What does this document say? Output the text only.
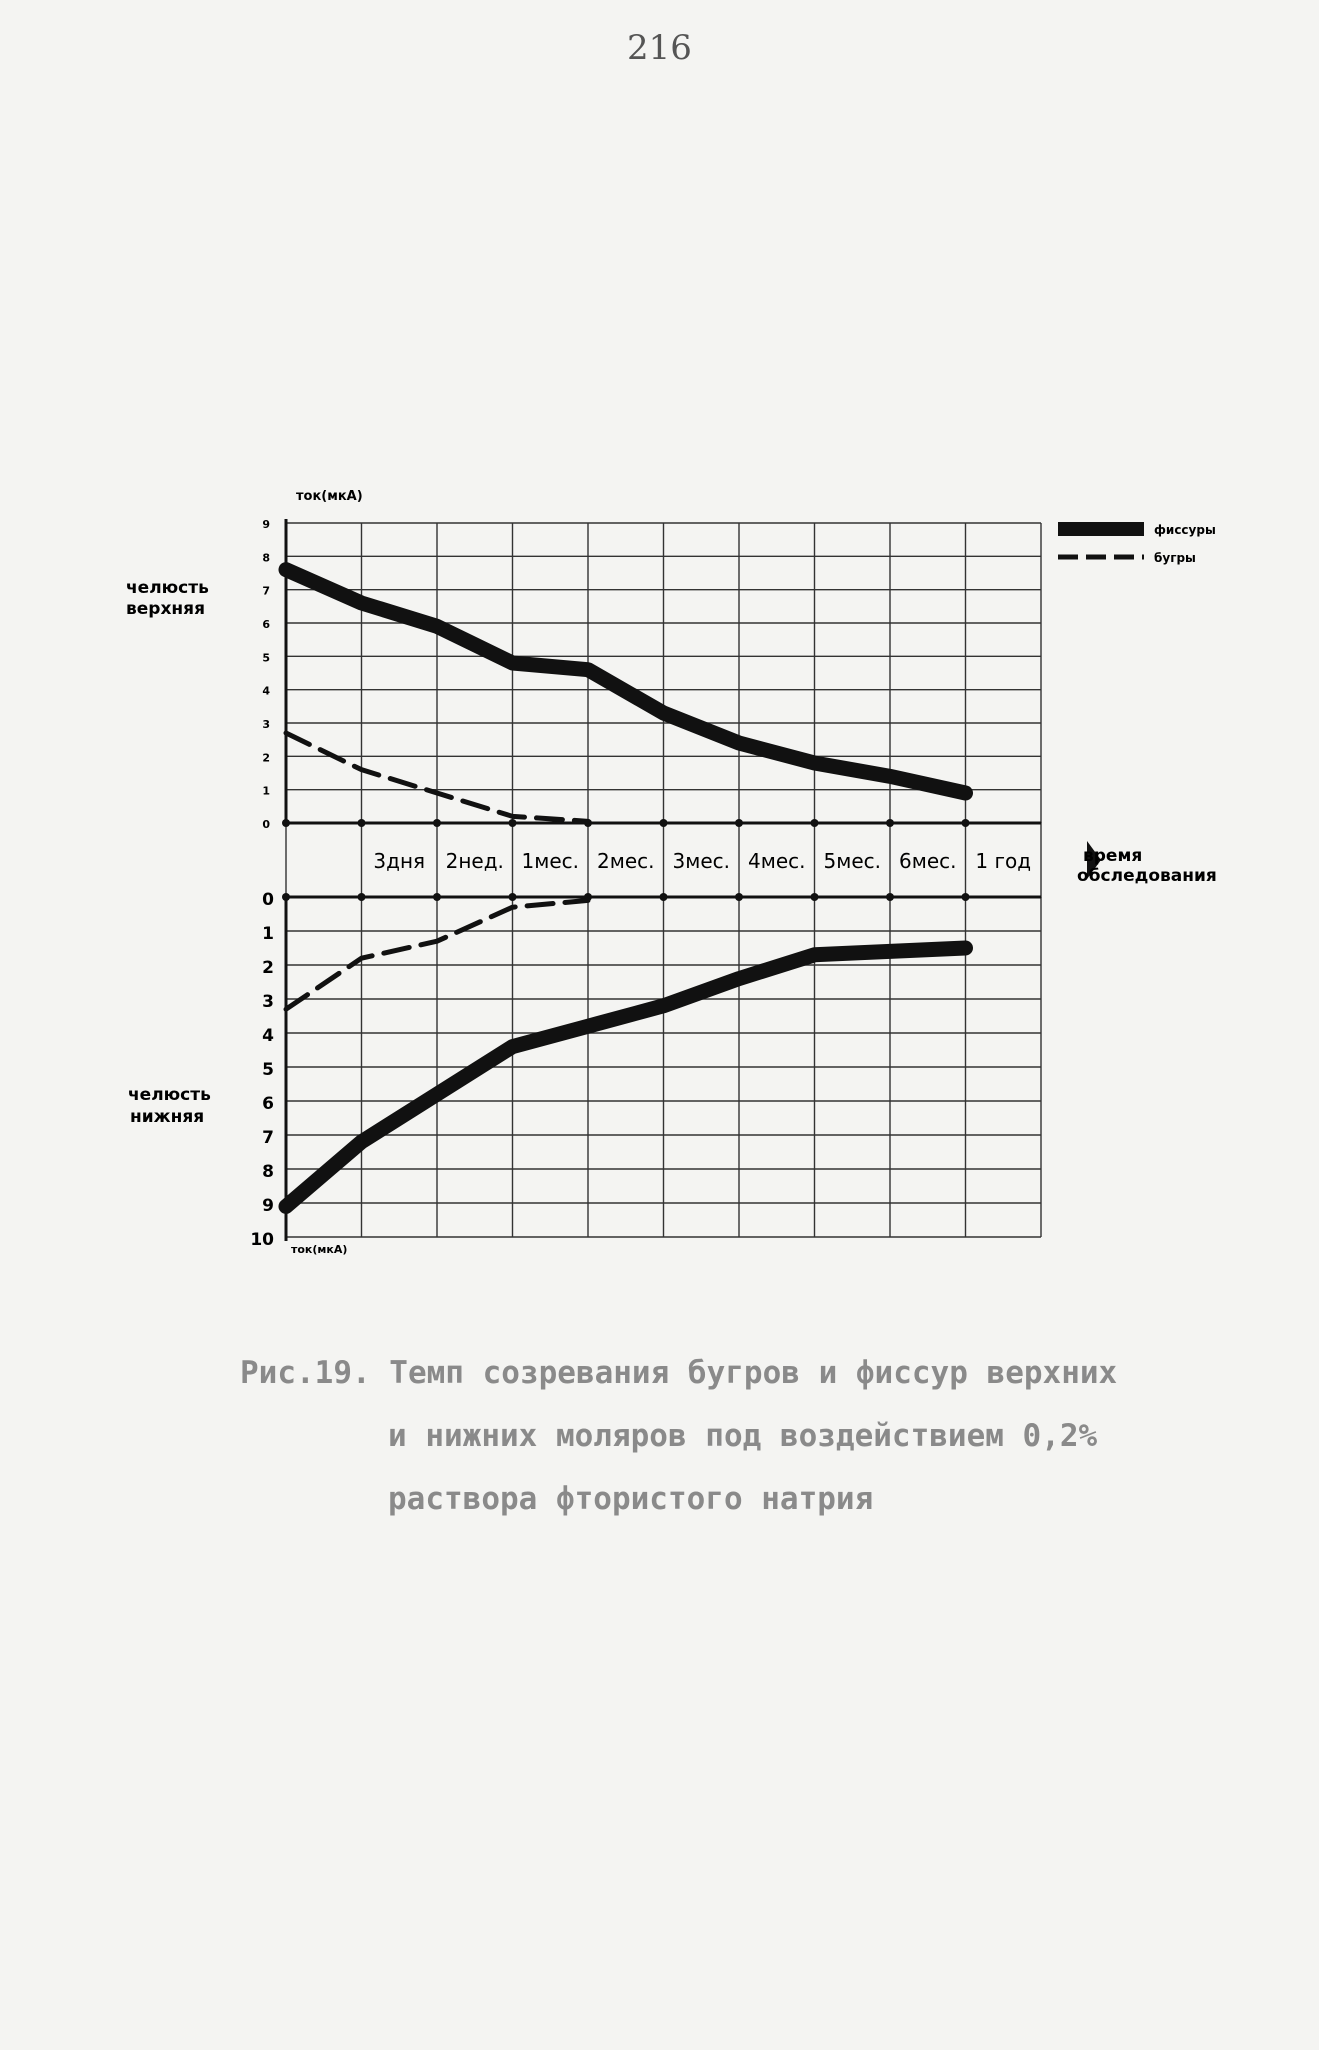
216
0
1
2
3
4
5
6
7
8
9
0
1
2
3
4
5
6
7
8
9
10
ток(мкА)
ток(мкА)
челюсть
верхняя
челюсть
нижняя
3дня 2нед. 1мес. 2мес. 3мес. 4мес. 5мес. 6мес. 1 год	время
обследования
фиссуры
бугры
Рис.19. Темп созревания бугров и фиссур верхних
и нижних моляров под воздействием 0,2%
раствора фтористого натрия
